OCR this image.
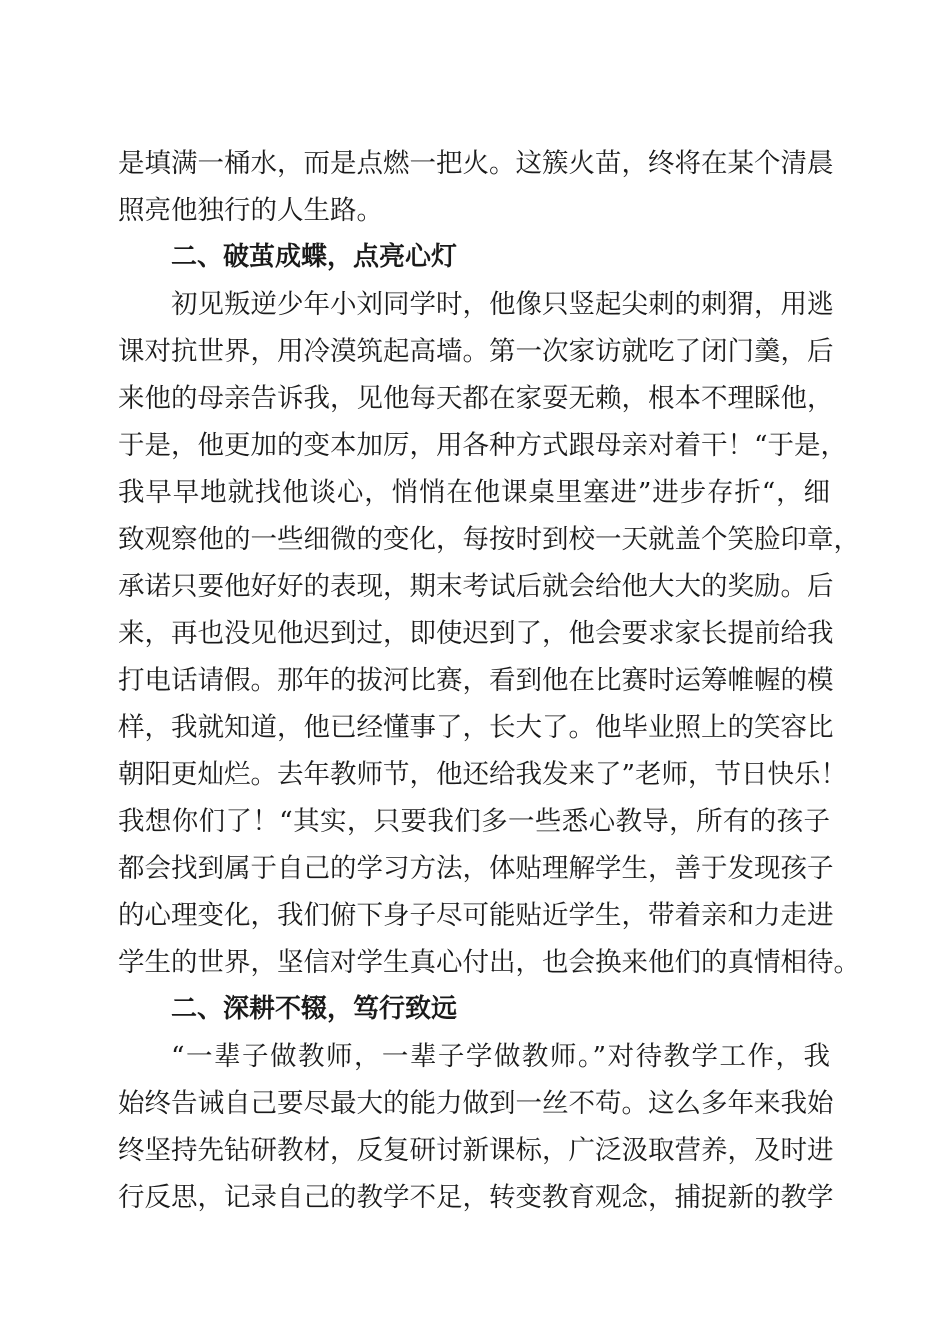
是填满一桶水，而是点燃一把火。这簇火苗，终将在某个清晨
照亮他独行的人生路。
二、破茧成蝶，点亮心灯
初见叛逆少年小刘同学时，他像只竖起尖刺的刺猬，用逃
课对抗世界，用冷漠筑起高墙。第一次家访就吃了闭门羹，后
来他的母亲告诉我，见他每天都在家耍无赖，根本不理睬他，
于是，他更加的变本加厉，用各种方式跟母亲对着干！“于是，
我早早地就找他谈心，悄悄在他课桌里塞进”进步存折“，细
致观察他的一些细微的变化，每按时到校一天就盖个笑脸印章，
承诺只要他好好的表现，期末考试后就会给他大大的奖励。后
来，再也没见他迟到过，即使迟到了，他会要求家长提前给我
打电话请假。那年的拔河比赛，看到他在比赛时运筹帷幄的模
样，我就知道，他已经懂事了，长大了。他毕业照上的笑容比
朝阳更灿烂。去年教师节，他还给我发来了”老师，节日快乐！
我想你们了！“其实，只要我们多一些悉心教导，所有的孩子
都会找到属于自己的学习方法，体贴理解学生，善于发现孩子
的心理变化，我们俯下身子尽可能贴近学生，带着亲和力走进
学生的世界，坚信对学生真心付出，也会换来他们的真情相待。
二、深耕不辍，笃行致远
“一辈子做教师，一辈子学做教师。”对待教学工作，我
始终告诫自己要尽最大的能力做到一丝不苟。这么多年来我始
终坚持先钻研教材，反复研讨新课标，广泛汲取营养，及时进
行反思，记录自己的教学不足，转变教育观念，捕捉新的教学
